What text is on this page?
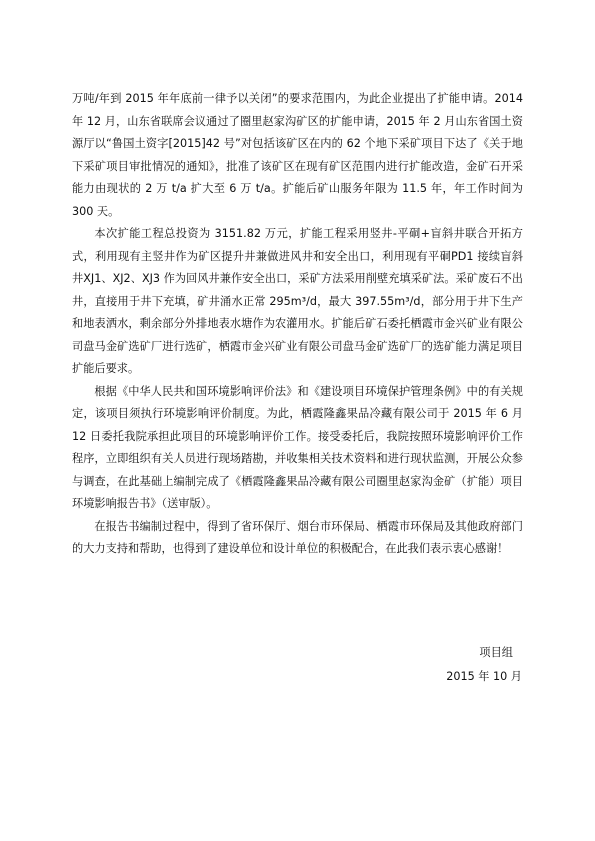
万吨/年到 2015 年年底前一律予以关闭”的要求范围内，为此企业提出了扩能申请。2014 年 12 月，山东省联席会议通过了圈里赵家沟矿区的扩能申请，2015 年 2 月山东省国土资源厅以“鲁国土资字[2015]42 号”对包括该矿区在内的 62 个地下采矿项目下达了《关于地下采矿项目审批情况的通知》，批准了该矿区在现有矿区范围内进行扩能改造，金矿石开采能力由现状的 2 万 t/a 扩大至 6 万 t/a。扩能后矿山服务年限为 11.5 年，年工作时间为 300 天。

本次扩能工程总投资为 3151.82 万元，扩能工程采用竖井-平硐+盲斜井联合开拓方式，利用现有主竖井作为矿区提升井兼做进风井和安全出口，利用现有平硐PD1 接续盲斜井XJ1、XJ2、XJ3 作为回风井兼作安全出口，采矿方法采用削壁充填采矿法。采矿废石不出井，直接用于井下充填，矿井涌水正常 295m³/d，最大 397.55m³/d，部分用于井下生产和地表洒水，剩余部分外排地表水塘作为农灌用水。扩能后矿石委托栖霞市金兴矿业有限公司盘马金矿选矿厂进行选矿，栖霞市金兴矿业有限公司盘马金矿选矿厂的选矿能力满足项目扩能后要求。

根据《中华人民共和国环境影响评价法》和《建设项目环境保护管理条例》中的有关规定，该项目须执行环境影响评价制度。为此，栖霞隆鑫果品冷藏有限公司于 2015 年 6 月 12 日委托我院承担此项目的环境影响评价工作。接受委托后，我院按照环境影响评价工作程序，立即组织有关人员进行现场踏勘，并收集相关技术资料和进行现状监测，开展公众参与调查，在此基础上编制完成了《栖霞隆鑫果品冷藏有限公司圈里赵家沟金矿（扩能）项目环境影响报告书》（送审版）。

在报告书编制过程中，得到了省环保厅、烟台市环保局、栖霞市环保局及其他政府部门的大力支持和帮助，也得到了建设单位和设计单位的积极配合，在此我们表示衷心感谢！

项目组
2015 年 10 月
